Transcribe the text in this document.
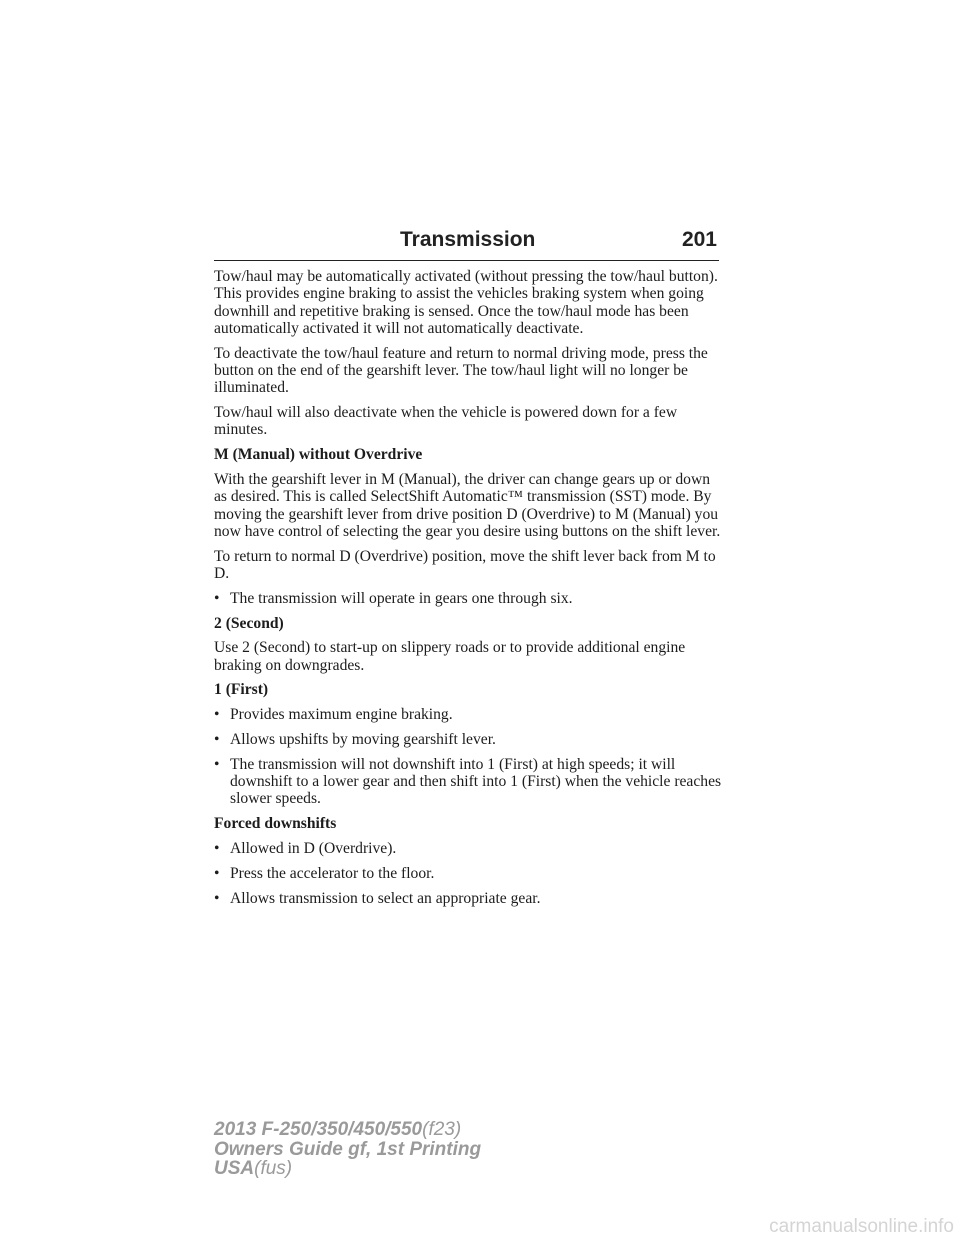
Transmission	201

Tow/haul may be automatically activated (without pressing the tow/haul button). This provides engine braking to assist the vehicles braking system when going downhill and repetitive braking is sensed. Once the tow/haul mode has been automatically activated it will not automatically deactivate.

To deactivate the tow/haul feature and return to normal driving mode, press the button on the end of the gearshift lever. The tow/haul light will no longer be illuminated.

Tow/haul will also deactivate when the vehicle is powered down for a few minutes.

M (Manual) without Overdrive

With the gearshift lever in M (Manual), the driver can change gears up or down as desired. This is called SelectShift Automatic™ transmission (SST) mode. By moving the gearshift lever from drive position D (Overdrive) to M (Manual) you now have control of selecting the gear you desire using buttons on the shift lever.

To return to normal D (Overdrive) position, move the shift lever back from M to D.

• The transmission will operate in gears one through six.

2 (Second)

Use 2 (Second) to start-up on slippery roads or to provide additional engine braking on downgrades.

1 (First)

• Provides maximum engine braking.
• Allows upshifts by moving gearshift lever.
• The transmission will not downshift into 1 (First) at high speeds; it will downshift to a lower gear and then shift into 1 (First) when the vehicle reaches slower speeds.

Forced downshifts

• Allowed in D (Overdrive).
• Press the accelerator to the floor.
• Allows transmission to select an appropriate gear.
2013 F-250/350/450/550(f23)
Owners Guide gf, 1st Printing
USA(fus)
carmanualsonline.info
